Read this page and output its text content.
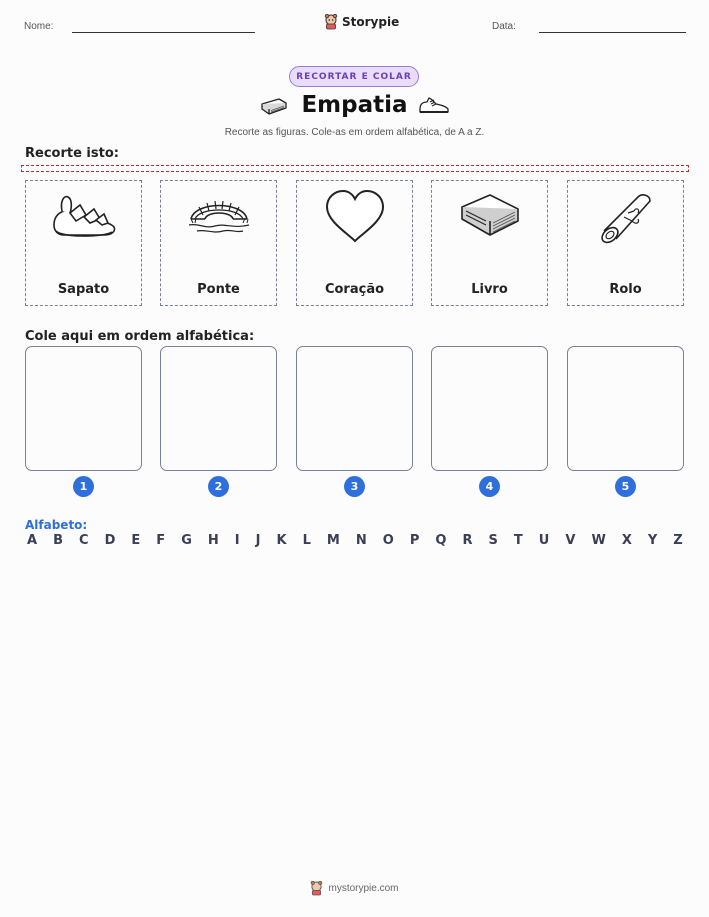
Nome:	Storypie	Data:
RECORTAR E COLAR
Empatia
Recorte as figuras. Cole-as em ordem alfabética, de A a Z.
Recorte isto:
Sapato	Ponte	Coração	Livro	Rolo
Cole aqui em ordem alfabética:
1	2	3	4	5
Alfabeto:
A B C D E F G H I J K L M N O P Q R S T U V W X Y Z
mystorypie.com
